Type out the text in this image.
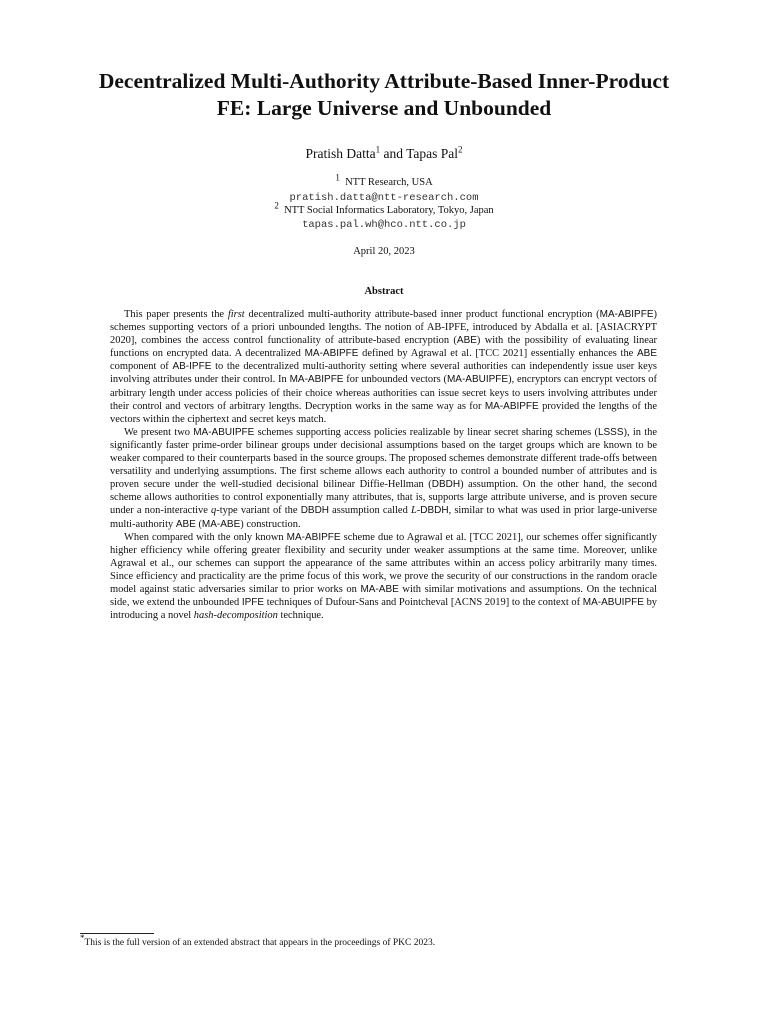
Decentralized Multi-Authority Attribute-Based Inner-Product
FE: Large Universe and Unbounded
Pratish Datta$^1$ and Tapas Pal$^2$
$^1$ NTT Research, USA
pratish.datta@ntt-research.com
$^2$ NTT Social Informatics Laboratory, Tokyo, Japan
tapas.pal.wh@hco.ntt.co.jp
April 20, 2023
Abstract

This paper presents the first decentralized multi-authority attribute-based inner product functional encryption (MA-ABIPFE) schemes supporting vectors of a priori unbounded lengths. The notion of AB-IPFE, introduced by Abdalla et al. [ASIACRYPT 2020], combines the access control functionality of attribute-based encryption (ABE) with the possibility of evaluating linear functions on encrypted data. A decentralized MA-ABIPFE defined by Agrawal et al. [TCC 2021] essentially enhances the ABE component of AB-IPFE to the decentralized multi-authority setting where several authorities can independently issue user keys involving attributes under their control. In MA-ABIPFE for unbounded vectors (MA-ABUIPFE), encryptors can encrypt vectors of arbitrary length under access policies of their choice whereas authorities can issue secret keys to users involving attributes under their control and vectors of arbitrary lengths. Decryption works in the same way as for MA-ABIPFE provided the lengths of the vectors within the ciphertext and secret keys match.

We present two MA-ABUIPFE schemes supporting access policies realizable by linear secret sharing schemes (LSSS), in the significantly faster prime-order bilinear groups under decisional assumptions based on the target groups which are known to be weaker compared to their counterparts based in the source groups. The proposed schemes demonstrate different trade-offs between versatility and underlying assumptions. The first scheme allows each authority to control a bounded number of attributes and is proven secure under the well-studied decisional bilinear Diffie-Hellman (DBDH) assumption. On the other hand, the second scheme allows authorities to control exponentially many attributes, that is, supports large attribute universe, and is proven secure under a non-interactive q-type variant of the DBDH assumption called L-DBDH, similar to what was used in prior large-universe multi-authority ABE (MA-ABE) construction.

When compared with the only known MA-ABIPFE scheme due to Agrawal et al. [TCC 2021], our schemes offer significantly higher efficiency while offering greater flexibility and security under weaker assumptions at the same time. Moreover, unlike Agrawal et al., our schemes can support the appearance of the same attributes within an access policy arbitrarily many times. Since efficiency and practicality are the prime focus of this work, we prove the security of our constructions in the random oracle model against static adversaries similar to prior works on MA-ABE with similar motivations and assumptions. On the technical side, we extend the unbounded IPFE techniques of Dufour-Sans and Pointcheval [ACNS 2019] to the context of MA-ABUIPFE by introducing a novel hash-decomposition technique.

*This is the full version of an extended abstract that appears in the proceedings of PKC 2023.
